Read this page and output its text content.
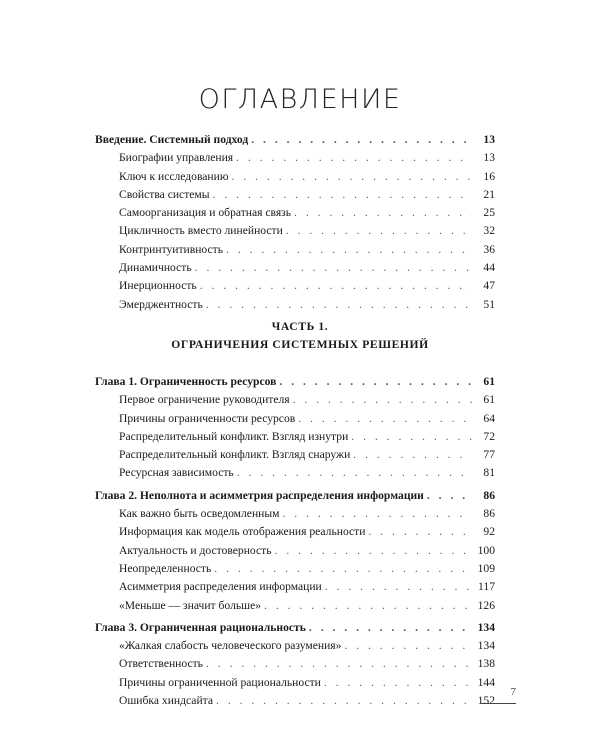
ОГЛАВЛЕНИЕ
Введение. Системный подход . . .	13
Биографии управления . . .	13
Ключ к исследованию . . .	16
Свойства системы . . .	21
Самоорганизация и обратная связь . . .	25
Цикличность вместо линейности . . .	32
Контринтуитивность . . .	36
Динамичность . . .	44
Инерционность . . .	47
Эмерджентность . . .	51
ЧАСТЬ 1.
ОГРАНИЧЕНИЯ СИСТЕМНЫХ РЕШЕНИЙ
Глава 1. Ограниченность ресурсов . . .	61
Первое ограничение руководителя . . .	61
Причины ограниченности ресурсов . . .	64
Распределительный конфликт. Взгляд изнутри . . .	72
Распределительный конфликт. Взгляд снаружи . . .	77
Ресурсная зависимость . . .	81
Глава 2. Неполнота и асимметрия распределения информации . . .	86
Как важно быть осведомленным . . .	86
Информация как модель отображения реальности . . .	92
Актуальность и достоверность . . .	100
Неопределенность . . .	109
Асимметрия распределения информации . . .	117
«Меньше — значит больше» . . .	126
Глава 3. Ограниченная рациональность . . .	134
«Жалкая слабость человеческого разумения» . . .	134
Ответственность . . .	138
Причины ограниченной рациональности . . .	144
Ошибка хиндсайта . . .	152
7
